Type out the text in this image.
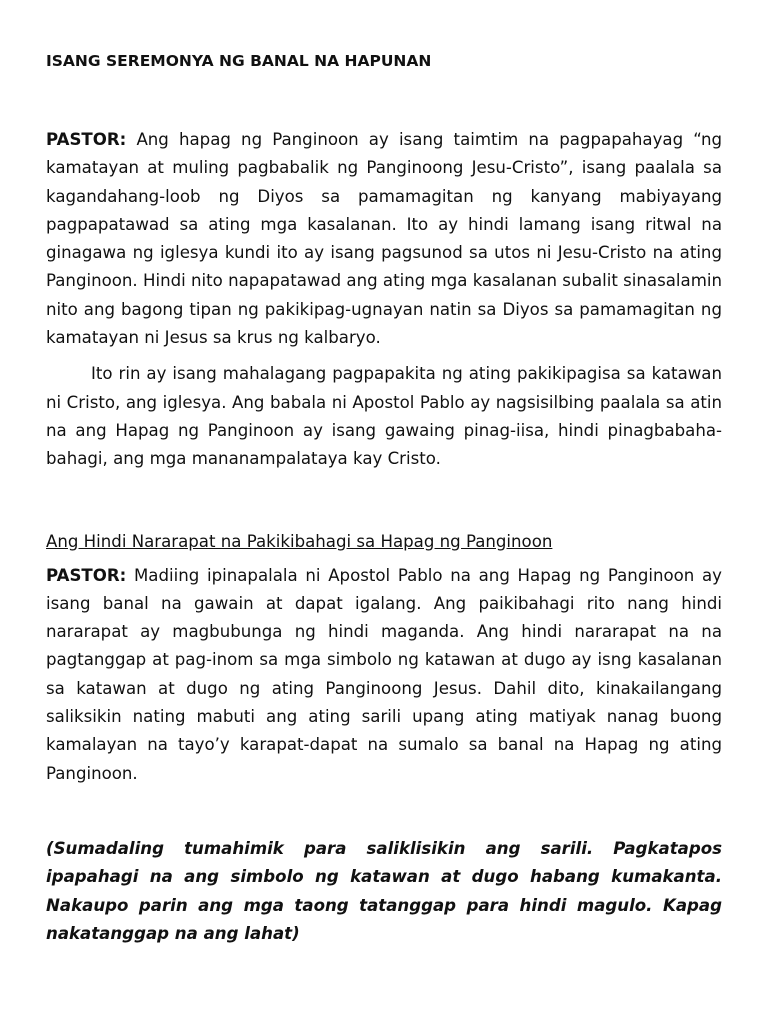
ISANG SEREMONYA NG BANAL NA HAPUNAN

PASTOR: Ang hapag ng Panginoon ay isang taimtim na pagpapahayag “ng kamatayan at muling pagbabalik ng Panginoong Jesu-Cristo”, isang paalala sa kagandahang-loob ng Diyos sa pamamagitan ng kanyang mabiyayang pagpapatawad sa ating mga kasalanan. Ito ay hindi lamang isang ritwal na ginagawa ng iglesya kundi ito ay isang pagsunod sa utos ni Jesu-Cristo na ating Panginoon. Hindi nito napapatawad ang ating mga kasalanan subalit sinasalamin nito ang bagong tipan ng pakikipag-ugnayan natin sa Diyos sa pamamagitan ng kamatayan ni Jesus sa krus ng kalbaryo.

Ito rin ay isang mahalagang pagpapakita ng ating pakikipagisa sa katawan ni Cristo, ang iglesya. Ang babala ni Apostol Pablo ay nagsisilbing paalala sa atin na ang Hapag ng Panginoon ay isang gawaing pinag-iisa, hindi pinagbabaha-bahagi, ang mga mananampalataya kay Cristo.

Ang Hindi Nararapat na Pakikibahagi sa Hapag ng Panginoon

PASTOR: Madiing ipinapalala ni Apostol Pablo na ang Hapag ng Panginoon ay isang banal na gawain at dapat igalang. Ang paikibahagi rito nang hindi nararapat ay magbubunga ng hindi maganda. Ang hindi nararapat na na pagtanggap at pag-inom sa mga simbolo ng katawan at dugo ay isng kasalanan sa katawan at dugo ng ating Panginoong Jesus. Dahil dito, kinakailangang saliksikin nating mabuti ang ating sarili upang ating matiyak nanag buong kamalayan na tayo’y karapat-dapat na sumalo sa banal na Hapag ng ating Panginoon.

(Sumadaling tumahimik para saliklisikin ang sarili. Pagkatapos ipapahagi na ang simbolo ng katawan at dugo habang kumakanta. Nakaupo parin ang mga taong tatanggap para hindi magulo. Kapag nakatanggap na ang lahat)
